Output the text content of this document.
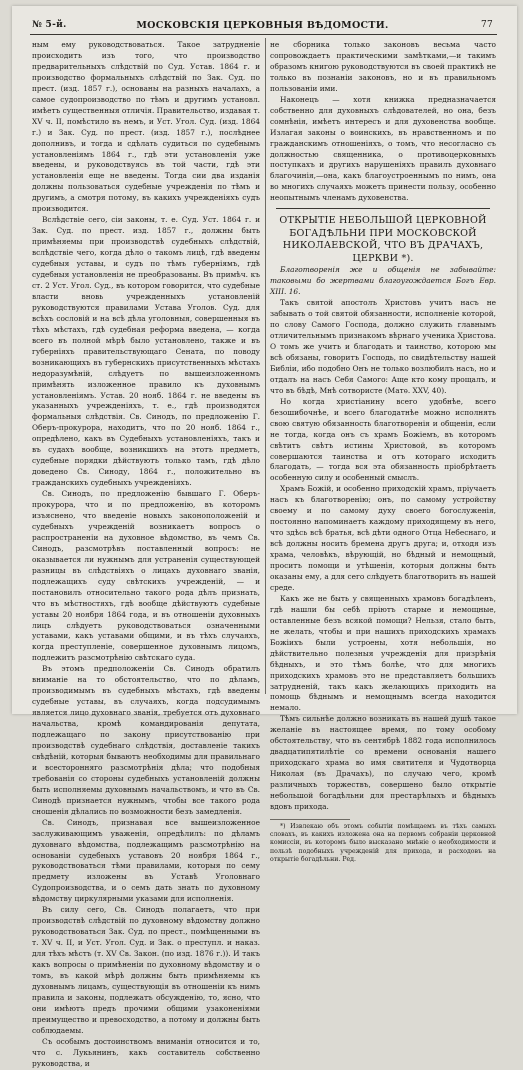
№ 5-й.	МОСКОВСКІЯ ЦЕРКОВНЫЯ ВѢДОМОСТИ.	77

ным ему руководствоваться. Такое затрудненіе происходитъ изъ того, что производство предварительныхъ слѣдствій по Суд. Устав. 1864 г. и производство формальныхъ слѣдствій по Зак. Суд. по прест. (изд. 1857 г.), основаны на разныхъ началахъ, а самое судопроизводство по тѣмъ и другимъ установл. имѣетъ существенныя отличія. Правительство, издавая т. XV ч. II, помѣстило въ немъ, и Уст. Угол. Суд. (изд. 1864 г.) и Зак. Суд. по прест. (изд. 1857 г.), послѣднее дополнивъ, и тогда и сдѣлать судиться по судебнымъ установленіямъ 1864 г., гдѣ эти установленія уже введены, и руководствуясь въ той части, гдѣ эти установленія еще не введены. Тогда сии два изданія должны пользоваться судебные учрежденія по тѣмъ и другимъ, а смотря потому, въ какихъ учрежденіяхъ судъ производится.

Вслѣдствіе сего, сіи законы, т. е. Суд. Уст. 1864 г. и Зак. Суд. по прест. изд. 1857 г., должны быть примѣняемы при производствѣ судебныхъ слѣдствій, вслѣдствіе чего, когда дѣло о такомъ лицѣ, гдѣ введены судебныя уставы, и судъ по тѣмъ губерніямъ, гдѣ судебныя установленія не преобразованы. Въ примѣч. къ ст. 2 Уст. Угол. Суд., въ котором говорится, что судебные власти вновь учрежденныхъ установленій руководствуются правилами Устава Уголов. Суд. для всѣхъ сословій и на всѣ дѣла уголовныя, совершенныя въ тѣхъ мѣстахъ, гдѣ судебная реформа введена, — когда всего въ полной мѣрѣ было установлено, также и въ губерніяхъ правительствующаго Сената, по поводу возникающихъ въ губернскихъ присутственныхъ мѣстахъ недоразумѣній, слѣдуетъ по вышеизложенномъ примѣнять изложенное правило къ духовнымъ установленіямъ. Устав. 20 нояб. 1864 г. не введены въ указанныхъ учрежденіяхъ, т. е., гдѣ производятся формальныя слѣдствія. Св. Синодъ, по предложенію Г. Оберъ-прокурора, находитъ, что по 20 нояб. 1864 г., опредѣлено, какъ въ Судебныхъ установленіяхъ, такъ и въ судахъ вообще, возникшихъ на этотъ предметъ, судебные порядки дѣйствуютъ только тамъ, гдѣ дѣло доведено Св. Синоду, 1864 г., положительно въ гражданскихъ судебныхъ учрежденіяхъ.

Св. Синодъ, по предложенію бывшаго Г. Оберъ-прокурора, что и по предложенію, въ которомъ изъяснено, что введеніе новыхъ законоположеній и судебныхъ учрежденій возникаетъ вопросъ о распространеніи на духовное вѣдомство, въ чемъ Св. Синодъ, разсмотрѣвъ поставленный вопросъ: не оказывается ли нужнымъ для устраненія существующей разницы въ слѣдствіяхъ о лицахъ духовнаго званія, подлежащихъ суду свѣтскихъ учрежденій, — и постановилъ относительно такого рода дѣлъ признать, что въ мѣстностяхъ, гдѣ вообще дѣйствуютъ судебные уставы 20 ноября 1864 года, и въ отношеніи духовныхъ лицъ слѣдуетъ руководствоваться означенными уставами, какъ уставами общими, и въ тѣхъ случаяхъ, когда преступленіе, совершенное духовнымъ лицомъ, подлежитъ разсмотрѣнію свѣтскаго суда.

Въ этомъ предположеніи Св. Синодъ обратилъ вниманіе на то обстоятельство, что по дѣламъ, производимымъ въ судебныхъ мѣстахъ, гдѣ введены судебные уставы, въ случаяхъ, когда подсудимымъ является лицо духовнаго званія, требуется отъ духовнаго начальства, кромѣ командированія депутата, подлежащаго по закону присутствованію при производствѣ судебнаго слѣдствія, доставленіе такихъ свѣдѣній, которыя бываютъ необходимы для правильнаго и всесторонняго разсмотрѣнія дѣла; что подобныя требованія со стороны судебныхъ установленій должны быть исполняемы духовнымъ начальствомъ, и что въ Св. Синодѣ признается нужнымъ, чтобы все такого рода сношенія дѣлались по возможности безъ замедленія.

Св. Синодъ, признавая все вышеизложенное заслуживающимъ уваженія, опредѣлилъ: по дѣламъ духовнаго вѣдомства, подлежащимъ разсмотрѣнію на основаніи судебныхъ уставовъ 20 ноября 1864 г., руководствоваться тѣми правилами, которыя по сему предмету изложены въ Уставѣ Уголовнаго Судопроизводства, и о семъ дать знать по духовному вѣдомству циркулярными указами для исполненія.

Въ силу сего, Св. Синодъ полагаетъ, что при производствѣ слѣдствій по духовному вѣдомству должно руководствоваться Зак. Суд. по прест., помѣщенными въ т. XV ч. II, и Уст. Угол. Суд. и Зак. о преступл. и наказ. для тѣхъ мѣстъ (т. XV Св. Закон. (по изд. 1876 г.)). И такъ какъ вопросы о примѣненіи по духовному вѣдомству и о томъ, въ какой мѣрѣ должны быть примѣняемы къ духовнымъ лицамъ, существующія въ отношеніи къ нимъ правила и законы, подлежатъ обсужденію, то, ясно, что они имѣютъ предъ прочими общими узаконеніями преимущество и превосходство, а потому и должны быть соблюдаемы.

Съ особымъ достоинствомъ вниманія относится и то, что с. Лукьянинъ, какъ составитель собственно руководства, и

не сборника только законовъ весьма часто сопровождаетъ практическими замѣтками,—и такимъ образомъ книгою руководствуются въ своей практикѣ не только въ познаніи законовъ, но и въ правильномъ пользованіи ими.

Наконецъ — хотя книжка предназначается собственно для духовныхъ слѣдователей, но она, безъ сомнѣнія, имѣетъ интересъ и для духовенства вообще. Излагая законы о воинскихъ, въ нравственномъ и по гражданскимъ отношеніяхъ, о томъ, что несогласно съ должностью священника, о противоцерковныхъ поступкахъ и другихъ нарушеніяхъ правилъ духовнаго благочинія,—она, какъ благоустроеннымъ по нимъ, она во многихъ случаяхъ можетъ принести пользу, особенно неопытнымъ членамъ духовенства.

ОТКРЫТІЕ НЕБОЛЬШОЙ ЦЕРКОВНОЙ БОГАДѢЛЬНИ ПРИ МОСКОВСКОЙ НИКОЛАЕВСКОЙ, ЧТО ВЪ ДРАЧАХЪ, ЦЕРКВИ *).

Благотворенія же и общенія не забывайте: таковыми бо жертвами благоугождается Богъ Евр. XIII. 16.

Такъ святой апостолъ Христовъ учитъ насъ не забывать о той святой обязанности, исполненіе которой, по слову Самого Господа, должно служить главнымъ отличительнымъ признакомъ вѣрнаго ученика Христова. О томъ же учитъ и благодать и таинство, которою мы всѣ обязаны, говоритъ Господь, по свидѣтельству нашей Библіи, ибо подобно Онъ не только возлюбилъ насъ, но и отдалъ на насъ Себя Самого: Аще кто кому прощалъ, и что въ бѣдѣ, Мнѣ сотвористе (Матѳ. XXV, 40).

Но когда христіанину всего удобнѣе, всего безошибочнѣе, и всего благодатнѣе можно исполнять свою святую обязанность благотворенія и общенія, если не тогда, когда онъ съ храмъ Божіемъ, въ которомъ свѣтитъ свѣтъ истины Христовой, въ которомъ совершаются таинства и отъ котораго исходитъ благодать, — тогда вся эта обязанность пріобрѣтаетъ особенную силу и особенный смыслъ.

Храмъ Божій, и особенно приходскій храмъ, пріучаетъ насъ къ благотворенію; онъ, по самому устройству своему и по самому духу своего богослуженія, постоянно напоминаетъ каждому приходящему въ него, что здѣсь всѣ братья, всѣ дѣти одного Отца Небеснаго, и всѣ должны носить бремена другъ друга; и, отходя изъ храма, человѣкъ, вѣрующій, но бѣдный и немощный, проситъ помощи и утѣшенія, которыя должны быть оказаны ему, а для сего слѣдуетъ благотворить въ нашей среде.

Какъ же не быть у священныхъ храмовъ богадѣленъ, гдѣ нашли бы себѣ пріютъ старые и немощные, оставленные безъ всякой помощи? Нельзя, стало быть, не желать, чтобы и при нашихъ приходскихъ храмахъ Божіихъ были устроены, хотя небольшія, но дѣйствительно полезныя учрежденія для призрѣнія бѣдныхъ, и это тѣмъ болѣе, что для многихъ приходскихъ храмовъ это не представляетъ большихъ затрудненій, такъ какъ желающихъ приходить на помощь бѣднымъ и немощнымъ всегда находится немало.

Тѣмъ сильнѣе должно возникать въ нашей душѣ такое желаніе въ настоящее время, по тому особому обстоятельству, что въ сентябрѣ 1882 года исполнилось двадцатипятилѣтіе со времени основанія нашего приходскаго храма во имя святителя и Чудотворца Николая (въ Драчахъ), по случаю чего, кромѣ различныхъ торжествъ, совершено было открытіе небольшой богадѣльни для престарѣлыхъ и бѣдныхъ вдовъ прихода.

*) Извлекаю объ этомъ событіи помѣщаемъ въ тѣхъ самыхъ словахъ, въ какихъ изложена она на первомъ собраніи церковной комиссіи, въ которомъ было высказано мнѣніе о необходимости и пользѣ подобныхъ учрежденій для прихода, и расходовъ на открытіе богадѣльни. Ред.
